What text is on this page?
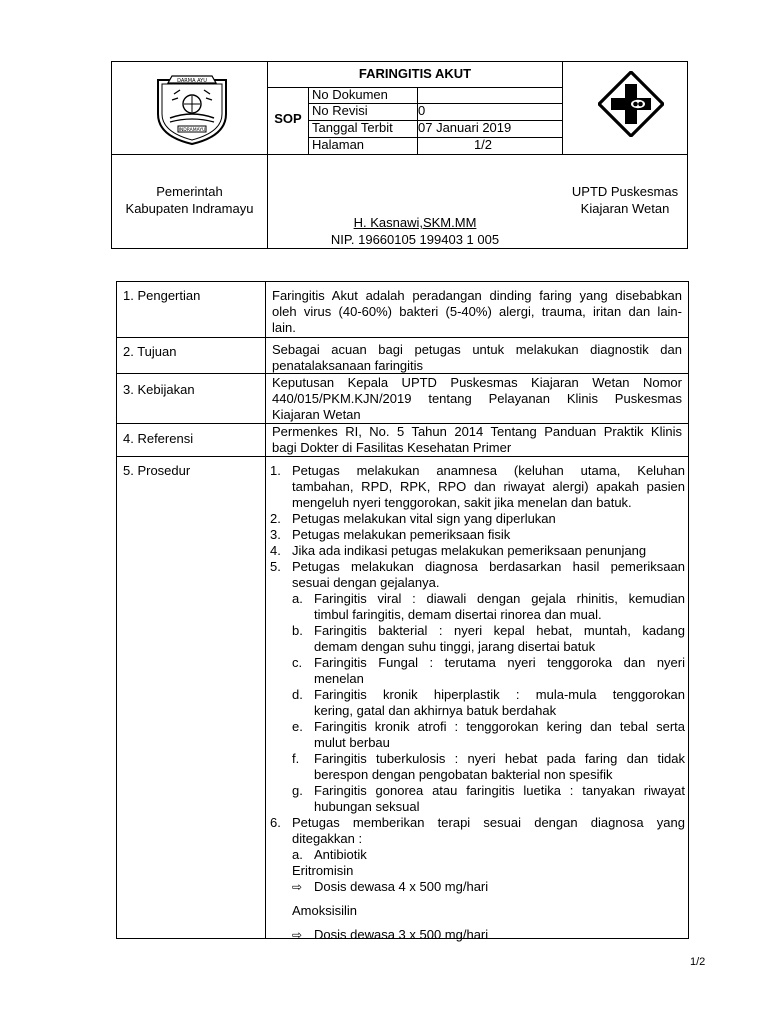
DARMA AYU
INDRAMAYU
FARINGITIS AKUT
SOP
No Dokumen
No Revisi	0
Tanggal Terbit 07 Januari 2019
Halaman	1/2
Pemerintah
Kabupaten Indramayu
H. Kasnawi,SKM.MM
NIP. 19660105 199403 1 005
UPTD Puskesmas
Kiajaran Wetan
1. Pengertian	Faringitis Akut adalah peradangan dinding faring yang disebabkan
oleh virus (40-60%) bakteri (5-40%) alergi, trauma, iritan dan lain-
lain.
2. Tujuan	Sebagai acuan bagi petugas untuk melakukan diagnostik dan
penatalaksanaan faringitis
3. Kebijakan	Keputusan Kepala UPTD Puskesmas Kiajaran Wetan Nomor
440/015/PKM.KJN/2019 tentang Pelayanan Klinis Puskesmas
Kiajaran Wetan
4. Referensi	Permenkes RI, No. 5 Tahun 2014 Tentang Panduan Praktik Klinis
bagi Dokter di Fasilitas Kesehatan Primer
5. Prosedur	1. Petugas melakukan anamnesa (keluhan utama, Keluhan
tambahan, RPD, RPK, RPO dan riwayat alergi) apakah pasien
mengeluh nyeri tenggorokan, sakit jika menelan dan batuk.
2. Petugas melakukan vital sign yang diperlukan
3. Petugas melakukan pemeriksaan fisik
4. Jika ada indikasi petugas melakukan pemeriksaan penunjang
5. Petugas melakukan diagnosa berdasarkan hasil pemeriksaan
sesuai dengan gejalanya.
a. Faringitis viral : diawali dengan gejala rhinitis, kemudian
timbul faringitis, demam disertai rinorea dan mual.
b. Faringitis bakterial : nyeri kepal hebat, muntah, kadang
demam dengan suhu tinggi, jarang disertai batuk
c. Faringitis Fungal : terutama nyeri tenggoroka dan nyeri
menelan
d. Faringitis kronik hiperplastik : mula-mula tenggorokan
kering, gatal dan akhirnya batuk berdahak
e. Faringitis kronik atrofi : tenggorokan kering dan tebal serta
mulut berbau
f. Faringitis tuberkulosis : nyeri hebat pada faring dan tidak
berespon dengan pengobatan bakterial non spesifik
g. Faringitis gonorea atau faringitis luetika : tanyakan riwayat
hubungan seksual
6. Petugas memberikan terapi sesuai dengan diagnosa yang
ditegakkan :
a. Antibiotik
Eritromisin
⇨ Dosis dewasa 4 x 500 mg/hari
Amoksisilin
⇨ Dosis dewasa 3 x 500 mg/hari
1/2
